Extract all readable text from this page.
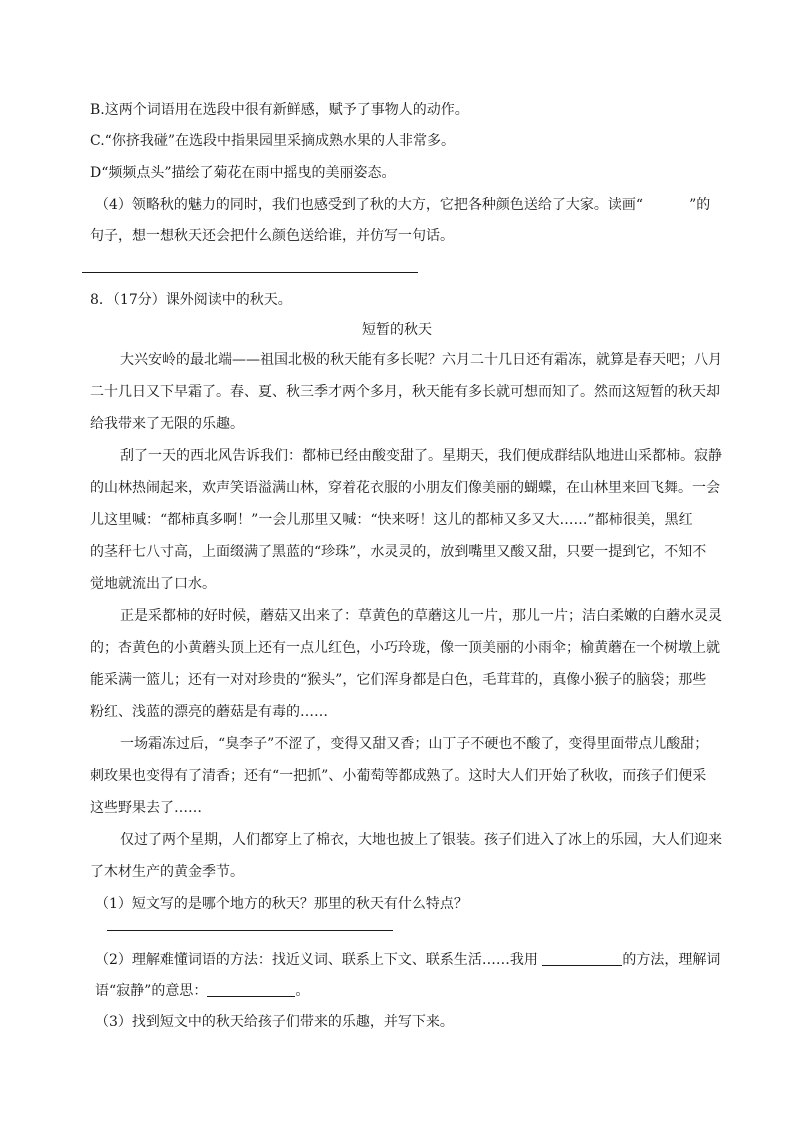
B.这两个词语用在选段中很有新鲜感，赋予了事物人的动作。
C.“你挤我碰”在选段中指果园里采摘成熟水果的人非常多。
D“频频点头”描绘了菊花在雨中摇曳的美丽姿态。
（4）领略秋的魅力的同时，我们也感受到了秋的大方，它把各种颜色送给了大家。读画“	”的
句子，想一想秋天还会把什么颜色送给谁，并仿写一句话。
8．（17分）课外阅读中的秋天。
短暂的秋天
大兴安岭的最北端——祖国北极的秋天能有多长呢？六月二十几日还有霜冻，就算是春天吧；八月
二十几日又下早霜了。春、夏、秋三季才两个多月，秋天能有多长就可想而知了。然而这短暂的秋天却
给我带来了无限的乐趣。
刮了一天的西北风告诉我们：都柿已经由酸变甜了。星期天，我们便成群结队地进山采都柿。寂静
的山林热闹起来，欢声笑语溢满山林，穿着花衣服的小朋友们像美丽的蝴蝶，在山林里来回飞舞。一会
儿这里喊：“都柿真多啊！”一会儿那里又喊：“快来呀！这儿的都柿又多又大……”都柿很美，黑红
的茎秆七八寸高，上面缀满了黑蓝的“珍珠”，水灵灵的，放到嘴里又酸又甜，只要一提到它，不知不
觉地就流出了口水。
正是采都柿的好时候，蘑菇又出来了：草黄色的草蘑这儿一片，那儿一片；洁白柔嫩的白蘑水灵灵
的；杏黄色的小黄蘑头顶上还有一点儿红色，小巧玲珑，像一顶美丽的小雨伞；榆黄蘑在一个树墩上就
能采满一篮儿；还有一对对珍贵的“猴头”，它们浑身都是白色，毛茸茸的，真像小猴子的脑袋；那些
粉红、浅蓝的漂亮的蘑菇是有毒的……
一场霜冻过后，“臭李子”不涩了，变得又甜又香；山丁子不硬也不酸了，变得里面带点儿酸甜；
刺玫果也变得有了清香；还有“一把抓”、小葡萄等都成熟了。这时大人们开始了秋收，而孩子们便采
这些野果去了……
仅过了两个星期，人们都穿上了棉衣，大地也披上了银装。孩子们进入了冰上的乐园，大人们迎来
了木材生产的黄金季节。
（1）短文写的是哪个地方的秋天？那里的秋天有什么特点？
（2）理解难懂词语的方法：找近义词、联系上下文、联系生活……我用	的方法，理解词
语“寂静”的意思：	。
（3）找到短文中的秋天给孩子们带来的乐趣，并写下来。
